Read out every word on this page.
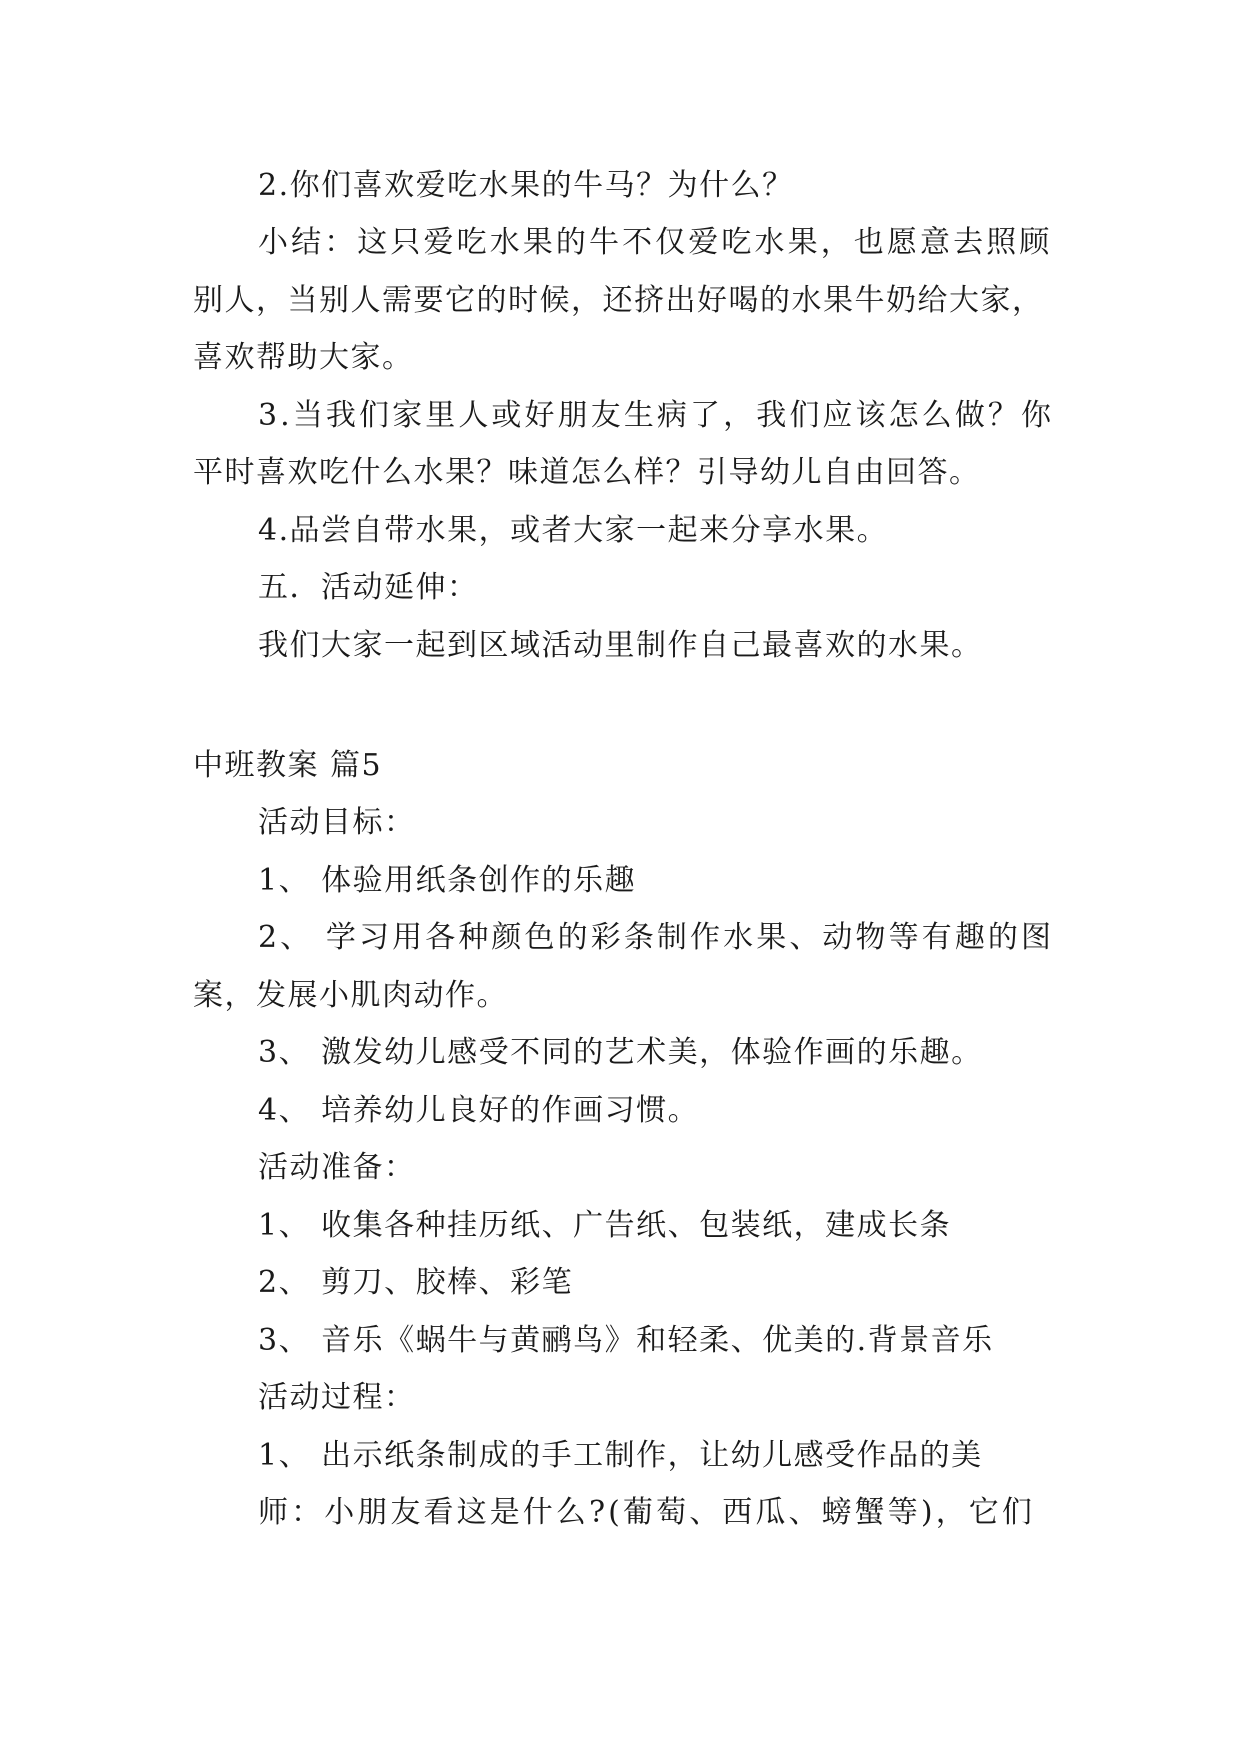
2.你们喜欢爱吃水果的牛马？为什么？
小结：这只爱吃水果的牛不仅爱吃水果，也愿意去照顾
别人，当别人需要它的时候，还挤出好喝的水果牛奶给大家，
喜欢帮助大家。
3.当我们家里人或好朋友生病了，我们应该怎么做？你
平时喜欢吃什么水果？味道怎么样？引导幼儿自由回答。
4.品尝自带水果，或者大家一起来分享水果。
五．活动延伸：
我们大家一起到区域活动里制作自己最喜欢的水果。
中班教案 篇5
活动目标：
1、 体验用纸条创作的乐趣
2、 学习用各种颜色的彩条制作水果、动物等有趣的图
案，发展小肌肉动作。
3、 激发幼儿感受不同的艺术美，体验作画的乐趣。
4、 培养幼儿良好的作画习惯。
活动准备：
1、 收集各种挂历纸、广告纸、包装纸，建成长条
2、 剪刀、胶棒、彩笔
3、 音乐《蜗牛与黄鹂鸟》和轻柔、优美的.背景音乐
活动过程：
1、 出示纸条制成的手工制作，让幼儿感受作品的美
师：小朋友看这是什么?(葡萄、西瓜、螃蟹等)，它们
